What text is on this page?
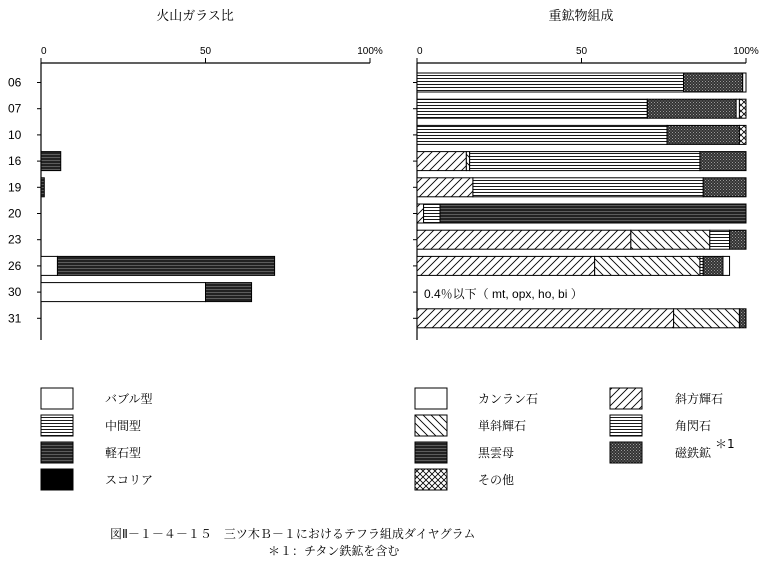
0	50	100%
06
07
10
16
19
20
23
26
30
31
0	50	100%
火山ガラス比	重鉱物組成
0.4％以下（ mt, opx, ho, bi ）
図Ⅱ－１－４－１５　三ツ木Ｂ－１におけるテフラ組成ダイヤグラム
＊１：チタン鉄鉱を含む
バブル型
中間型
軽石型
スコリア
カンラン石
単斜輝石
黒雲母
その他
斜方輝石
角閃石
磁鉄鉱
＊1
